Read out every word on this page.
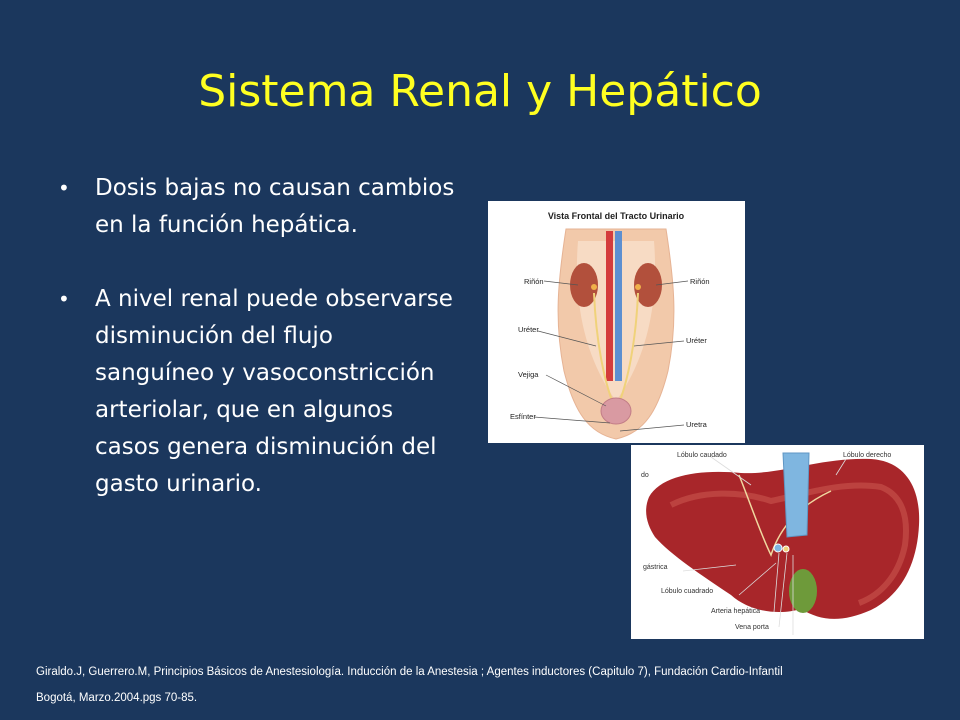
Sistema Renal y Hepático
• Dosis bajas no causan cambios en la función hepática.
• A nivel renal puede observarse disminución del flujo sanguíneo y vasoconstricción arteriolar, que en algunos casos genera disminución del gasto urinario.
Vista Frontal del Tracto Urinario
Riñón	Riñón
Uréter
Uréter
Vejiga
Esfínter
Uretra
Lóbulo caudado	Lóbulo derecho
do
gástrica
Lóbulo cuadrado
Arteria hepática
Vena porta
Giraldo.J, Guerrero.M, Principios Básicos de Anestesiología. Inducción de la Anestesia ; Agentes inductores (Capitulo 7), Fundación Cardio-Infantil
Bogotá, Marzo.2004.pgs 70-85.
